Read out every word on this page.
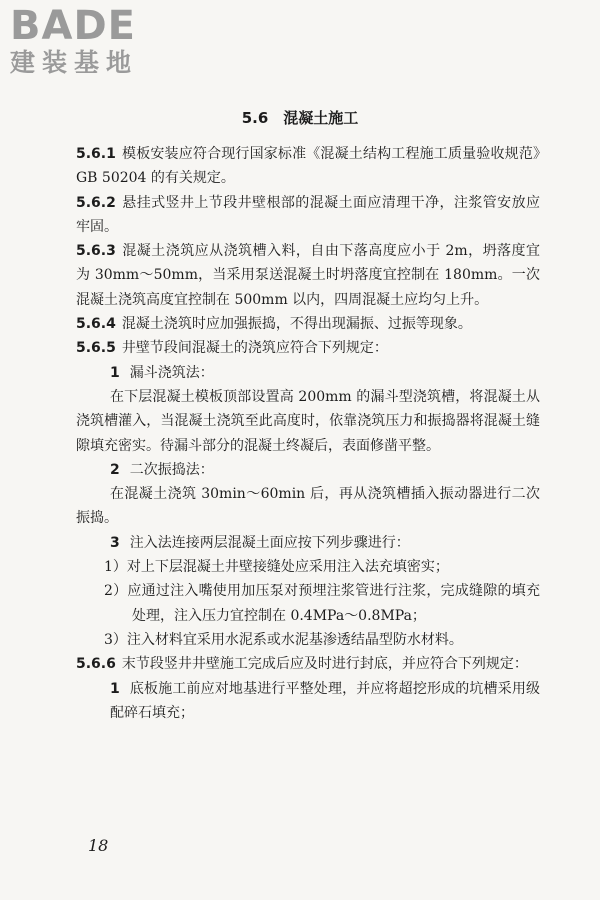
BADE
建装基地
5.6　混凝土施工

5.6.1 模板安装应符合现行国家标准《混凝土结构工程施工质量验收规范》GB 50204 的有关规定。

5.6.2 悬挂式竖井上节段井壁根部的混凝土面应清理干净，注浆管安放应牢固。

5.6.3 混凝土浇筑应从浇筑槽入料，自由下落高度应小于 2m，坍落度宜为 30mm～50mm，当采用泵送混凝土时坍落度宜控制在 180mm。一次混凝土浇筑高度宜控制在 500mm 以内，四周混凝土应均匀上升。

5.6.4 混凝土浇筑时应加强振捣，不得出现漏振、过振等现象。

5.6.5 井壁节段间混凝土的浇筑应符合下列规定：

1 漏斗浇筑法：

在下层混凝土模板顶部设置高 200mm 的漏斗型浇筑槽，将混凝土从浇筑槽灌入，当混凝土浇筑至此高度时，依靠浇筑压力和振捣器将混凝土缝隙填充密实。待漏斗部分的混凝土终凝后，表面修凿平整。

2 二次振捣法：

在混凝土浇筑 30min～60min 后，再从浇筑槽插入振动器进行二次振捣。

3 注入法连接两层混凝土面应按下列步骤进行：

1）对上下层混凝土井壁接缝处应采用注入法充填密实；

2）应通过注入嘴使用加压泵对预埋注浆管进行注浆，完成缝隙的填充处理，注入压力宜控制在 0.4MPa～0.8MPa；

3）注入材料宜采用水泥系或水泥基渗透结晶型防水材料。

5.6.6 末节段竖井井壁施工完成后应及时进行封底，并应符合下列规定：

1 底板施工前应对地基进行平整处理，并应将超挖形成的坑槽采用级配碎石填充；

18
